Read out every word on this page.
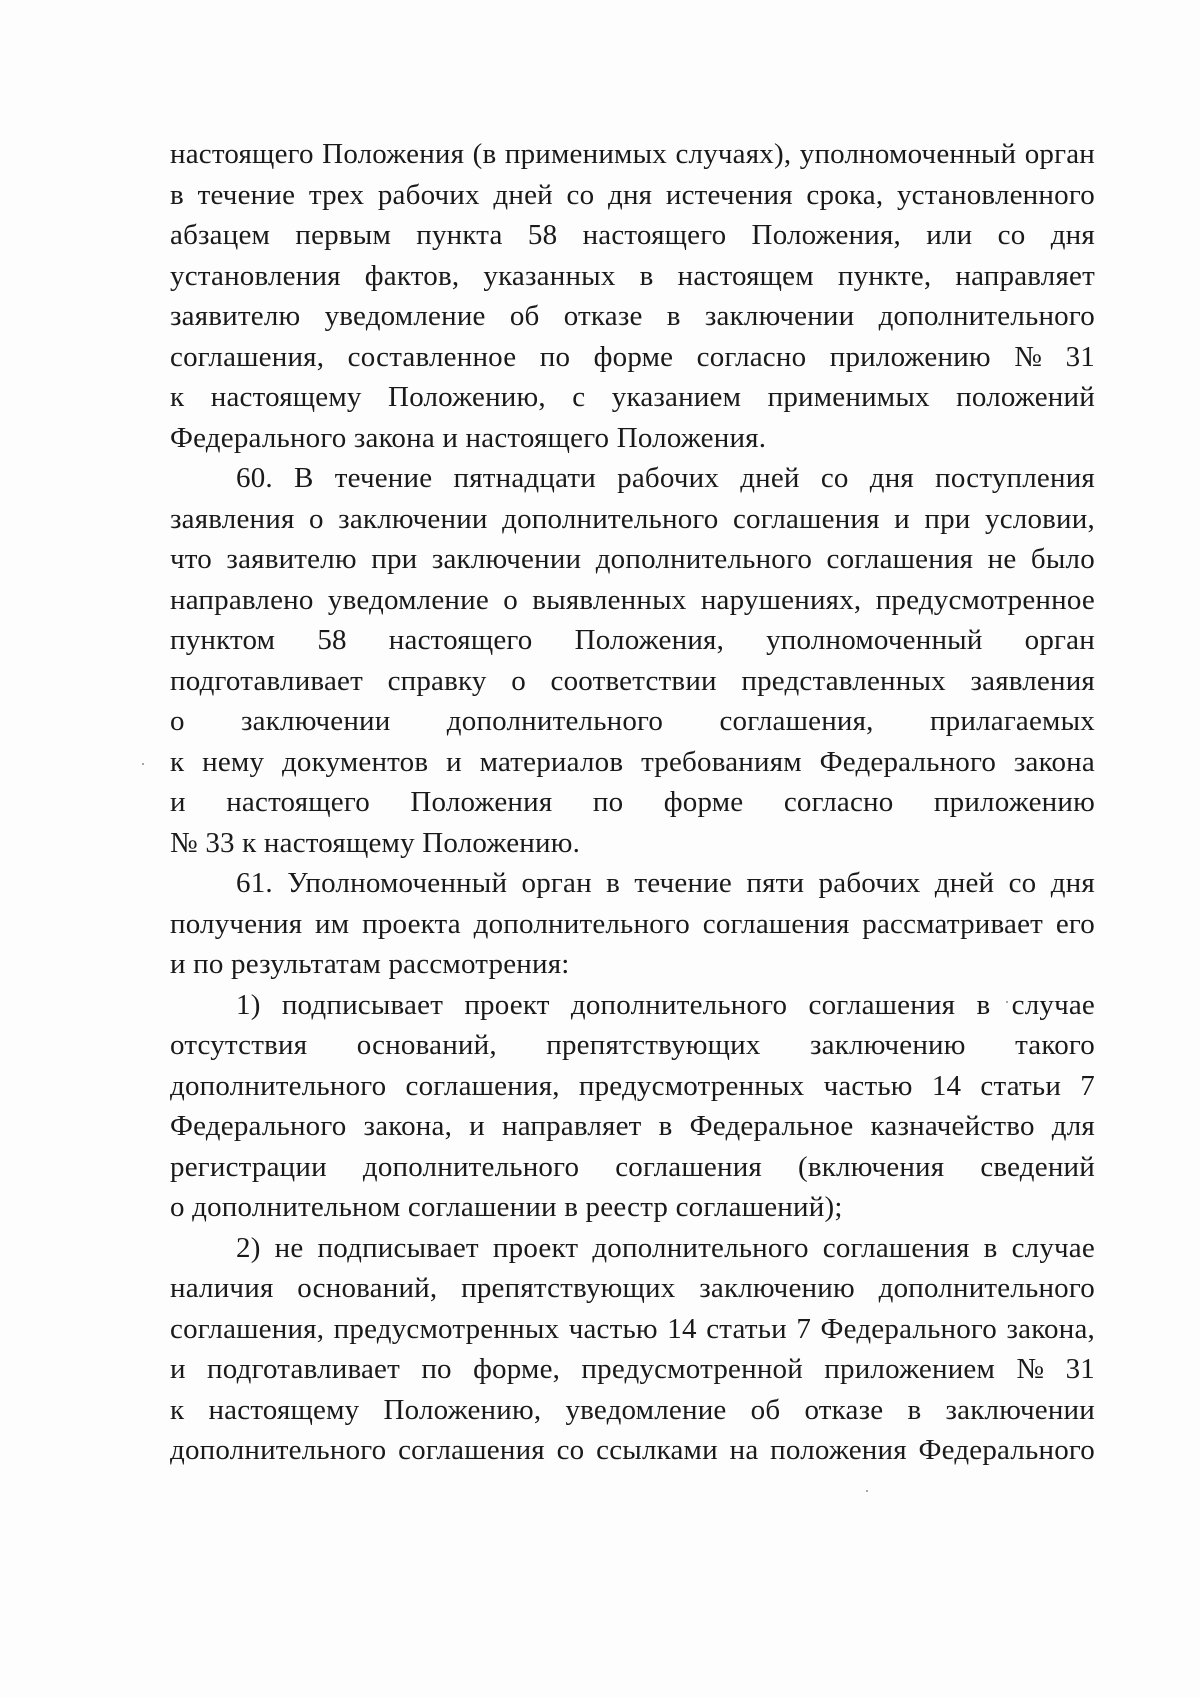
настоящего Положения (в применимых случаях), уполномоченный орган
в течение трех рабочих дней со дня истечения срока, установленного
абзацем первым пункта 58 настоящего Положения, или со дня
установления фактов, указанных в настоящем пункте, направляет
заявителю уведомление об отказе в заключении дополнительного
соглашения, составленное по форме согласно приложению № 31
к настоящему Положению, с указанием применимых положений
Федерального закона и настоящего Положения.
60. В течение пятнадцати рабочих дней со дня поступления
заявления о заключении дополнительного соглашения и при условии,
что заявителю при заключении дополнительного соглашения не было
направлено уведомление о выявленных нарушениях, предусмотренное
пунктом 58 настоящего Положения, уполномоченный орган
подготавливает справку о соответствии представленных заявления
о заключении дополнительного соглашения, прилагаемых
к нему документов и материалов требованиям Федерального закона
и настоящего Положения по форме согласно приложению
№ 33 к настоящему Положению.
61. Уполномоченный орган в течение пяти рабочих дней со дня
получения им проекта дополнительного соглашения рассматривает его
и по результатам рассмотрения:
1) подписывает проект дополнительного соглашения в случае
отсутствия оснований, препятствующих заключению такого
дополнительного соглашения, предусмотренных частью 14 статьи 7
Федерального закона, и направляет в Федеральное казначейство для
регистрации дополнительного соглашения (включения сведений
о дополнительном соглашении в реестр соглашений);
2) не подписывает проект дополнительного соглашения в случае
наличия оснований, препятствующих заключению дополнительного
соглашения, предусмотренных частью 14 статьи 7 Федерального закона,
и подготавливает по форме, предусмотренной приложением № 31
к настоящему Положению, уведомление об отказе в заключении
дополнительного соглашения со ссылками на положения Федерального
